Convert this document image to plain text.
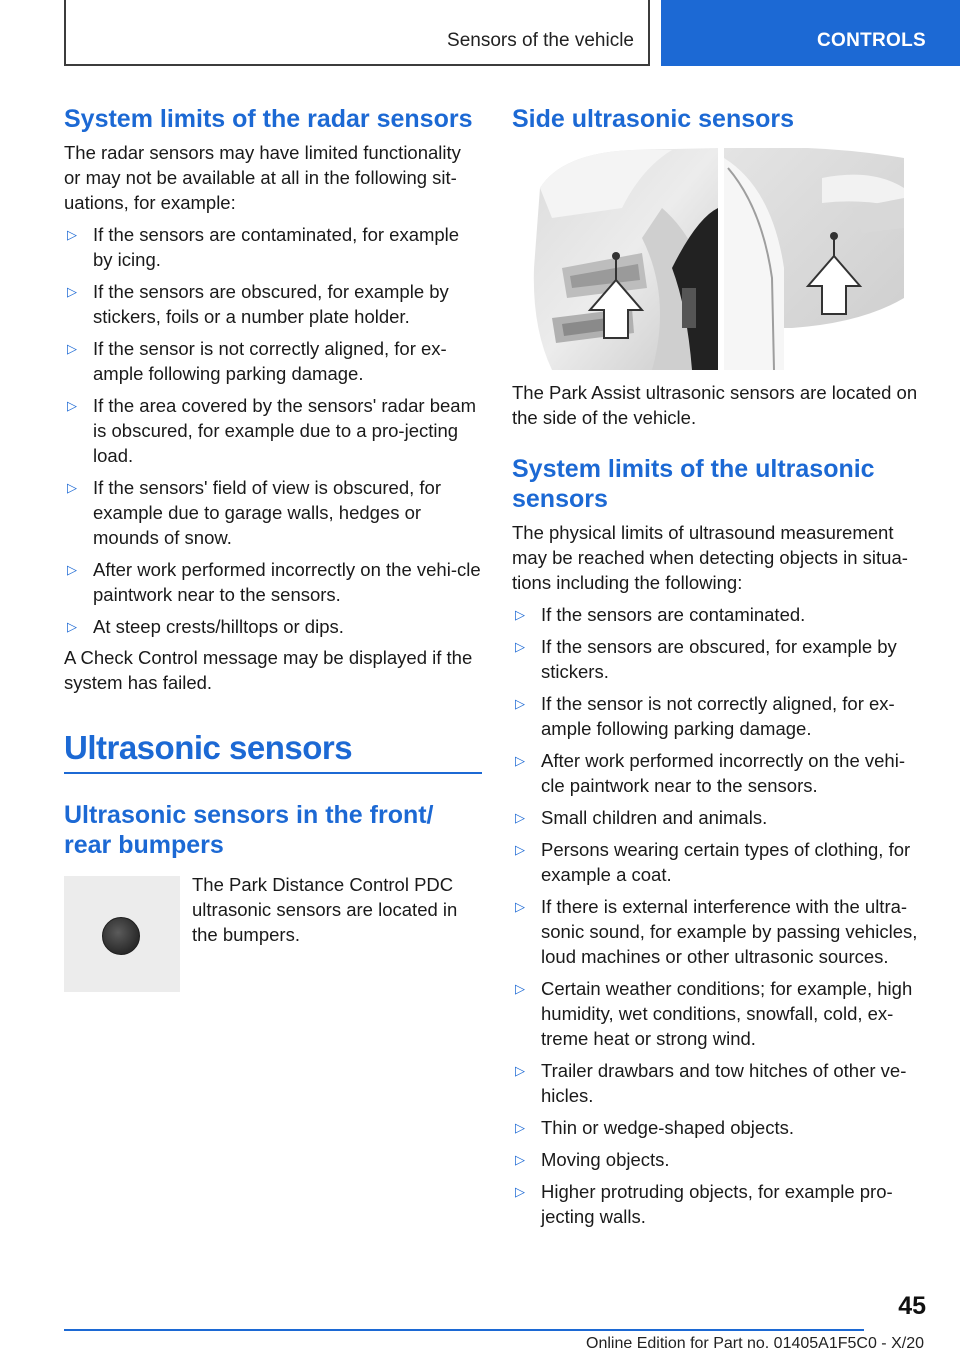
Sensors of the vehicle	CONTROLS
System limits of the radar sensors

The radar sensors may have limited functionality or may not be available at all in the following sit‐uations, for example:

▷ If the sensors are contaminated, for example by icing.
▷ If the sensors are obscured, for example by stickers, foils or a number plate holder.
▷ If the sensor is not correctly aligned, for ex‐ample following parking damage.
▷ If the area covered by the sensors' radar beam is obscured, for example due to a pro‐jecting load.
▷ If the sensors' field of view is obscured, for example due to garage walls, hedges or mounds of snow.
▷ After work performed incorrectly on the vehi‐cle paintwork near to the sensors.
▷ At steep crests/hilltops or dips.

A Check Control message may be displayed if the system has failed.

Ultrasonic sensors
Ultrasonic sensors in the front/ rear bumpers

The Park Distance Control PDC ultrasonic sensors are located in the bumpers.

Side ultrasonic sensors

The Park Assist ultrasonic sensors are located on the side of the vehicle.

System limits of the ultrasonic sensors

The physical limits of ultrasound measurement may be reached when detecting objects in situa‐tions including the following:

▷ If the sensors are contaminated.
▷ If the sensors are obscured, for example by stickers.
▷ If the sensor is not correctly aligned, for ex‐ample following parking damage.
▷ After work performed incorrectly on the vehi‐cle paintwork near to the sensors.
▷ Small children and animals.
▷ Persons wearing certain types of clothing, for example a coat.
▷ If there is external interference with the ultra‐sonic sound, for example by passing vehicles, loud machines or other ultrasonic sources.
▷ Certain weather conditions; for example, high humidity, wet conditions, snowfall, cold, ex‐treme heat or strong wind.
▷ Trailer drawbars and tow hitches of other ve‐hicles.
▷ Thin or wedge-shaped objects.
▷ Moving objects.
▷ Higher protruding objects, for example pro‐jecting walls.
45
Online Edition for Part no. 01405A1F5C0 - X/20
